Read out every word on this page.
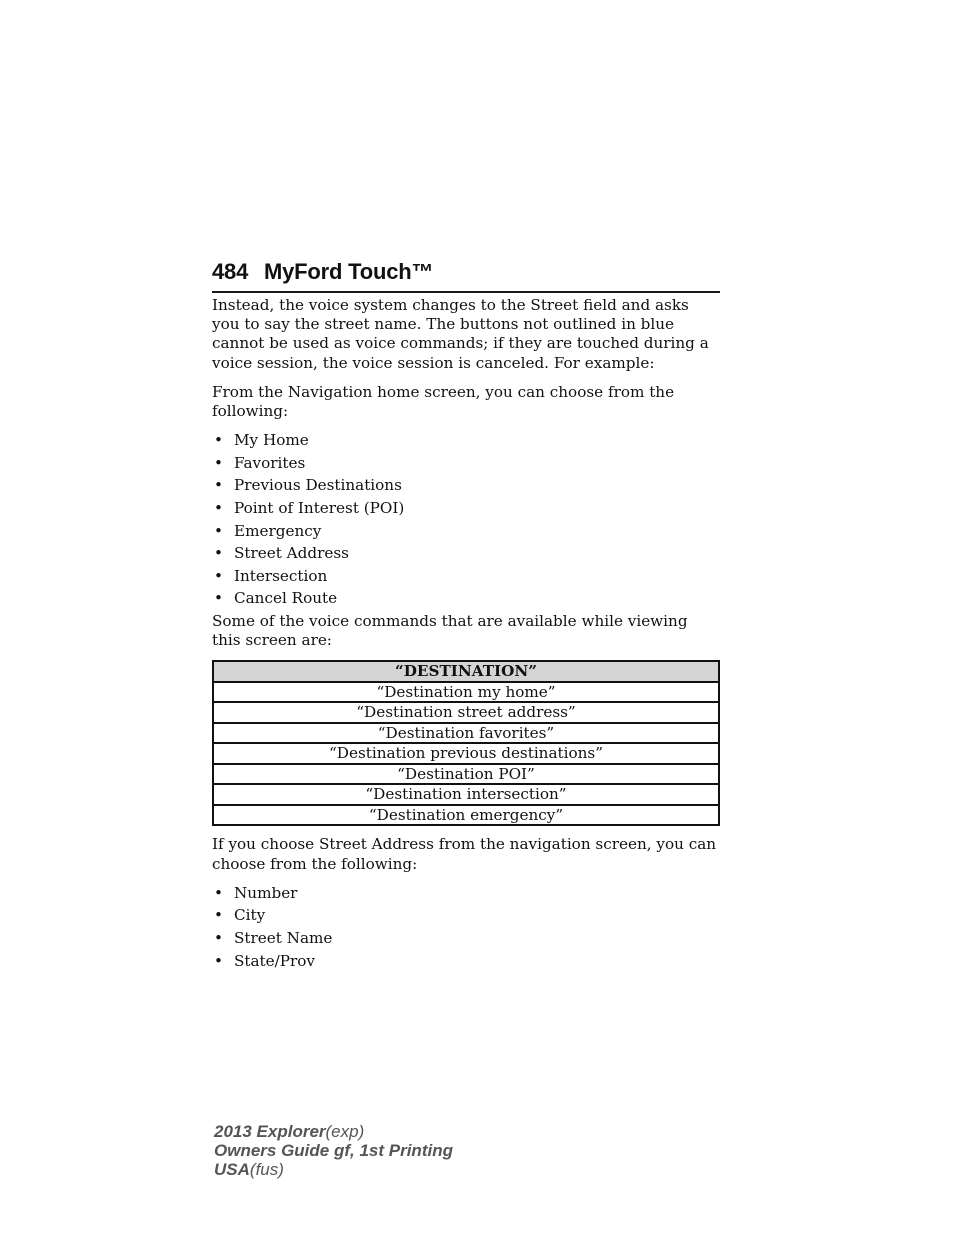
484 MyFord Touch™

Instead, the voice system changes to the Street field and asks you to say the street name. The buttons not outlined in blue cannot be used as voice commands; if they are touched during a voice session, the voice session is canceled. For example:

From the Navigation home screen, you can choose from the following:

• My Home
• Favorites
• Previous Destinations
• Point of Interest (POI)
• Emergency
• Street Address
• Intersection
• Cancel Route

Some of the voice commands that are available while viewing this screen are:

“DESTINATION”
“Destination my home”
“Destination street address”
“Destination favorites”
“Destination previous destinations”
“Destination POI”
“Destination intersection”
“Destination emergency”

If you choose Street Address from the navigation screen, you can choose from the following:

• Number
• City
• Street Name
• State/Prov
2013 Explorer(exp)
Owners Guide gf, 1st Printing
USA(fus)
